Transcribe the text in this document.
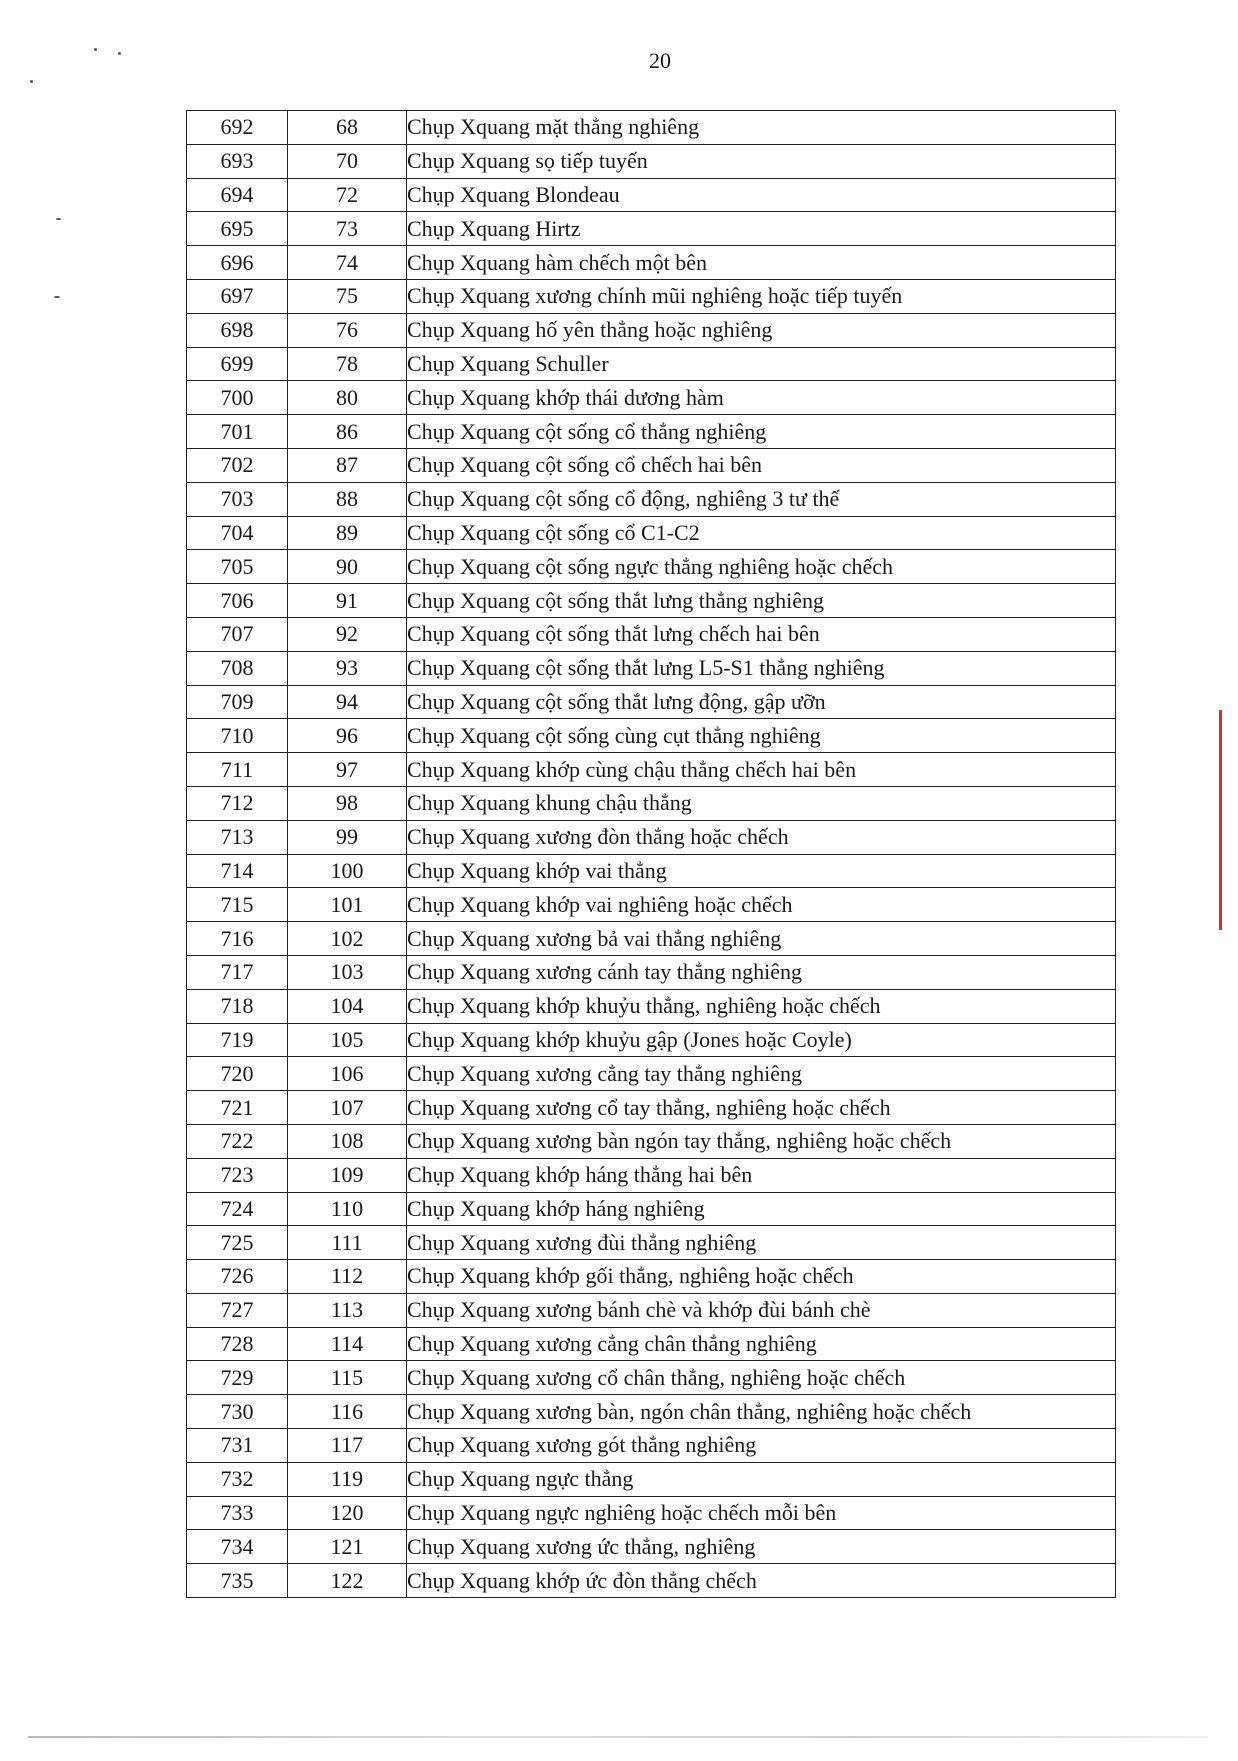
20
692	68	Chụp Xquang mặt thẳng nghiêng
693	70	Chụp Xquang sọ tiếp tuyến
694	72	Chụp Xquang Blondeau
695	73	Chụp Xquang Hirtz
696	74	Chụp Xquang hàm chếch một bên
697	75	Chụp Xquang xương chính mũi nghiêng hoặc tiếp tuyến
698	76	Chụp Xquang hố yên thẳng hoặc nghiêng
699	78	Chụp Xquang Schuller
700	80	Chụp Xquang khớp thái dương hàm
701	86	Chụp Xquang cột sống cổ thẳng nghiêng
702	87	Chụp Xquang cột sống cổ chếch hai bên
703	88	Chụp Xquang cột sống cổ động, nghiêng 3 tư thế
704	89	Chụp Xquang cột sống cổ C1-C2
705	90	Chụp Xquang cột sống ngực thẳng nghiêng hoặc chếch
706	91	Chụp Xquang cột sống thắt lưng thẳng nghiêng
707	92	Chụp Xquang cột sống thắt lưng chếch hai bên
708	93	Chụp Xquang cột sống thắt lưng L5-S1 thẳng nghiêng
709	94	Chụp Xquang cột sống thắt lưng động, gập ưỡn
710	96	Chụp Xquang cột sống cùng cụt thẳng nghiêng
711	97	Chụp Xquang khớp cùng chậu thẳng chếch hai bên
712	98	Chụp Xquang khung chậu thẳng
713	99	Chụp Xquang xương đòn thẳng hoặc chếch
714	100	Chụp Xquang khớp vai thẳng
715	101	Chụp Xquang khớp vai nghiêng hoặc chếch
716	102	Chụp Xquang xương bả vai thẳng nghiêng
717	103	Chụp Xquang xương cánh tay thẳng nghiêng
718	104	Chụp Xquang khớp khuỷu thẳng, nghiêng hoặc chếch
719	105	Chụp Xquang khớp khuỷu gập (Jones hoặc Coyle)
720	106	Chụp Xquang xương cẳng tay thẳng nghiêng
721	107	Chụp Xquang xương cổ tay thẳng, nghiêng hoặc chếch
722	108	Chụp Xquang xương bàn ngón tay thẳng, nghiêng hoặc chếch
723	109	Chụp Xquang khớp háng thẳng hai bên
724	110	Chụp Xquang khớp háng nghiêng
725	111	Chụp Xquang xương đùi thẳng nghiêng
726	112	Chụp Xquang khớp gối thẳng, nghiêng hoặc chếch
727	113	Chụp Xquang xương bánh chè và khớp đùi bánh chè
728	114	Chụp Xquang xương cẳng chân thẳng nghiêng
729	115	Chụp Xquang xương cổ chân thẳng, nghiêng hoặc chếch
730	116	Chụp Xquang xương bàn, ngón chân thẳng, nghiêng hoặc chếch
731	117	Chụp Xquang xương gót thẳng nghiêng
732	119	Chụp Xquang ngực thẳng
733	120	Chụp Xquang ngực nghiêng hoặc chếch mỗi bên
734	121	Chụp Xquang xương ức thẳng, nghiêng
735	122	Chụp Xquang khớp ức đòn thẳng chếch
